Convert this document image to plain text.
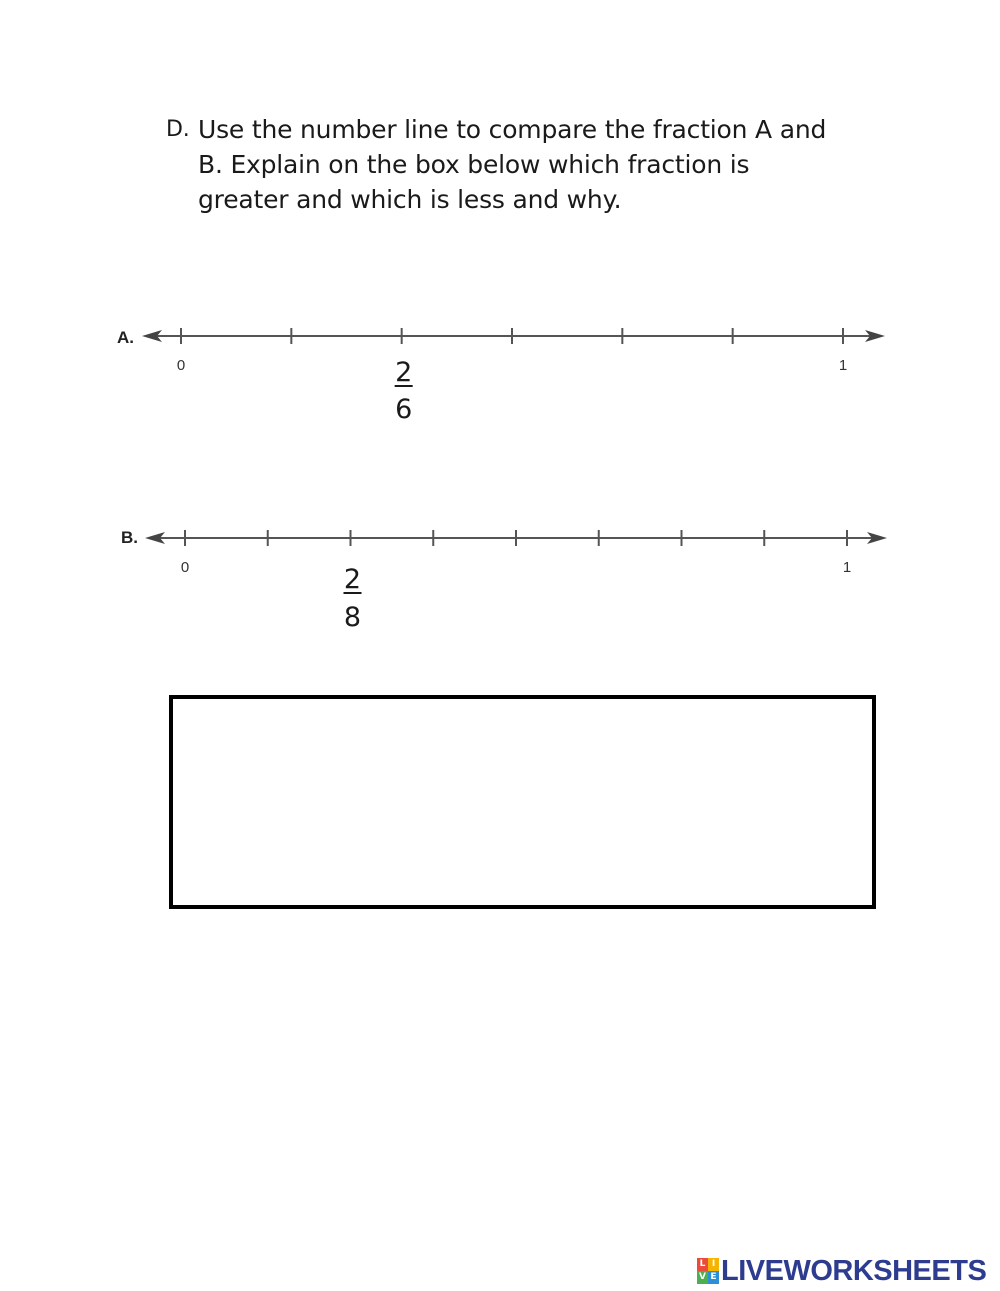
D. Use the number line to compare the fraction A and
B. Explain on the box below which fraction is
greater and which is less and why.
A.
0	1
2
6
B.
0	1
2
8
L I
V E LIVEWORKSHEETS
